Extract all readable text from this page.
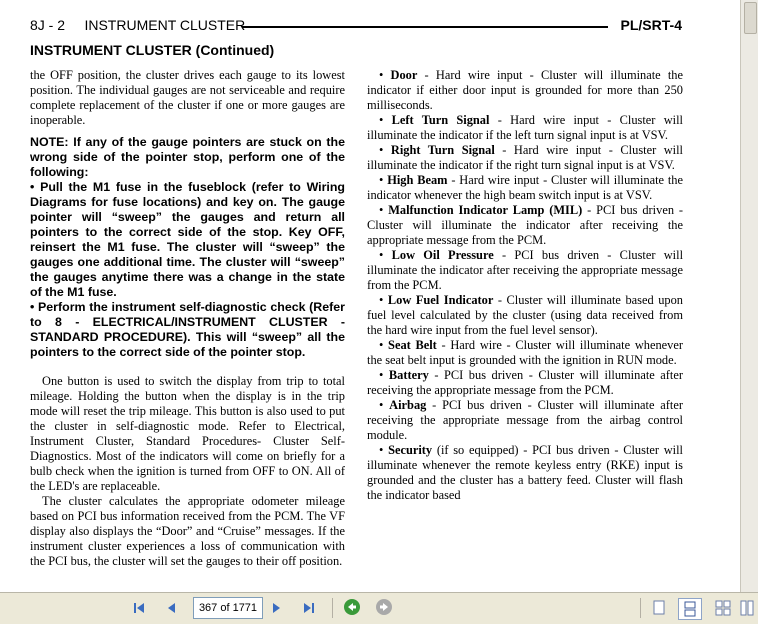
8J - 2 INSTRUMENT CLUSTER	PL/SRT-4
INSTRUMENT CLUSTER (Continued)

the OFF position, the cluster drives each gauge to its lowest position. The individual gauges are not serviceable and require complete replacement of the cluster if one or more gauges are inoperable.

NOTE: If any of the gauge pointers are stuck on the wrong side of the pointer stop, perform one of the following:
• Pull the M1 fuse in the fuseblock (refer to Wiring Diagrams for fuse locations) and key on. The gauge pointer will “sweep” the gauges and return all pointers to the correct side of the stop. Key OFF, reinsert the M1 fuse. The cluster will “sweep” the gauges one additional time. The cluster will “sweep” the gauges anytime there was a change in the state of the M1 fuse.
• Perform the instrument self-diagnostic check (Refer to 8 - ELECTRICAL/INSTRUMENT CLUSTER - STANDARD PROCEDURE). This will “sweep” all the pointers to the correct side of the pointer stop.

One button is used to switch the display from trip to total mileage. Holding the button when the display is in the trip mode will reset the trip mileage. This button is also used to put the cluster in self-diagnostic mode. Refer to Electrical, Instrument Cluster, Standard Procedures- Cluster Self-Diagnostics. Most of the indicators will come on briefly for a bulb check when the ignition is turned from OFF to ON. All of the LED's are replaceable.

The cluster calculates the appropriate odometer mileage based on PCI bus information received from the PCM. The VF display also displays the “Door” and “Cruise” messages. If the instrument cluster experiences a loss of communication with the PCI bus, the cluster will set the gauges to their off position.

• Door - Hard wire input - Cluster will illuminate the indicator if either door input is grounded for more than 250 milliseconds.

• Left Turn Signal - Hard wire input - Cluster will illuminate the indicator if the left turn signal input is at VSV.

• Right Turn Signal - Hard wire input - Cluster will illuminate the indicator if the right turn signal input is at VSV.

• High Beam - Hard wire input - Cluster will illuminate the indicator whenever the high beam switch input is at VSV.

• Malfunction Indicator Lamp (MIL) - PCI bus driven - Cluster will illuminate the indicator after receiving the appropriate message from the PCM.

• Low Oil Pressure - PCI bus driven - Cluster will illuminate the indicator after receiving the appropriate message from the PCM.

• Low Fuel Indicator - Cluster will illuminate based upon fuel level calculated by the cluster (using data received from the hard wire input from the fuel level sensor).

• Seat Belt - Hard wire - Cluster will illuminate whenever the seat belt input is grounded with the ignition in RUN mode.

• Battery - PCI bus driven - Cluster will illuminate after receiving the appropriate message from the PCM.

• Airbag - PCI bus driven - Cluster will illuminate after receiving the appropriate message from the airbag control module.

• Security (if so equipped) - PCI bus driven - Cluster will illuminate whenever the remote keyless entry (RKE) input is grounded and the cluster has a battery feed. Cluster will flash the indicator based

367 of 1771
